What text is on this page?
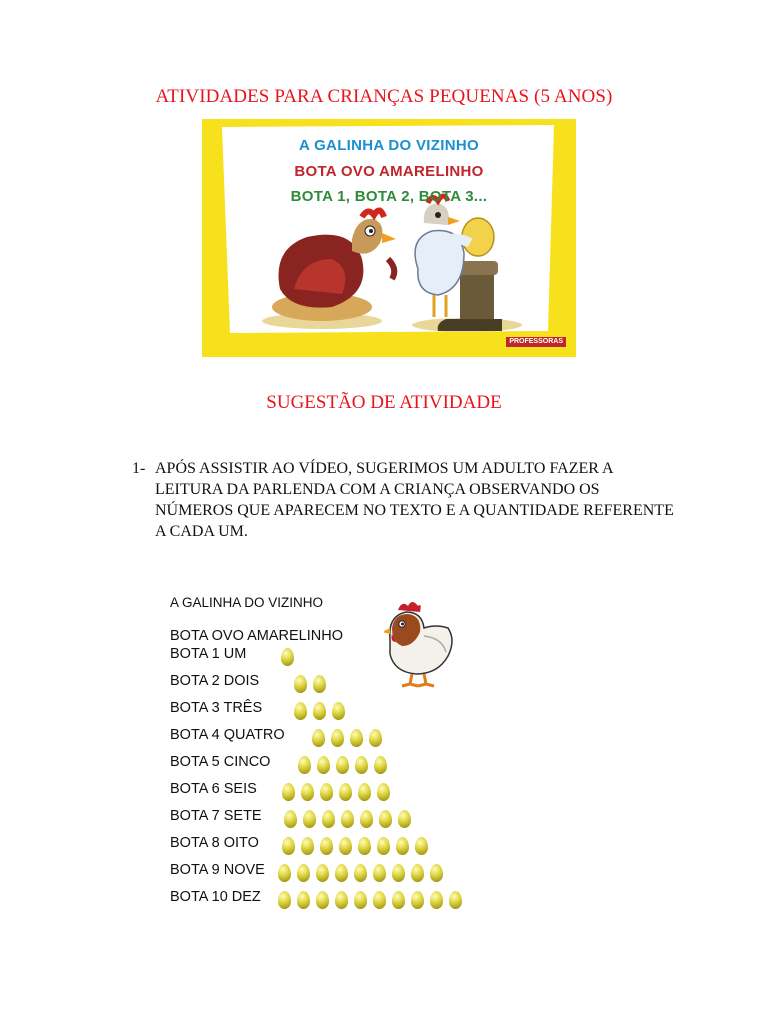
ATIVIDADES PARA CRIANÇAS PEQUENAS (5 ANOS)
A GALINHA DO VIZINHO
BOTA OVO AMARELINHO
BOTA 1, BOTA 2, BOTA 3...
PROFESSORAS
SUGESTÃO DE ATIVIDADE
1- APÓS ASSISTIR AO VÍDEO, SUGERIMOS UM ADULTO FAZER A LEITURA DA PARLENDA COM A CRIANÇA OBSERVANDO OS NÚMEROS QUE APARECEM NO TEXTO E A QUANTIDADE REFERENTE A CADA UM.
A GALINHA DO VIZINHO
BOTA OVO AMARELINHO
BOTA 1 UM
BOTA 2 DOIS
BOTA 3 TRÊS
BOTA 4 QUATRO
BOTA 5 CINCO
BOTA 6 SEIS
BOTA 7 SETE
BOTA 8 OITO
BOTA 9 NOVE
BOTA 10 DEZ
